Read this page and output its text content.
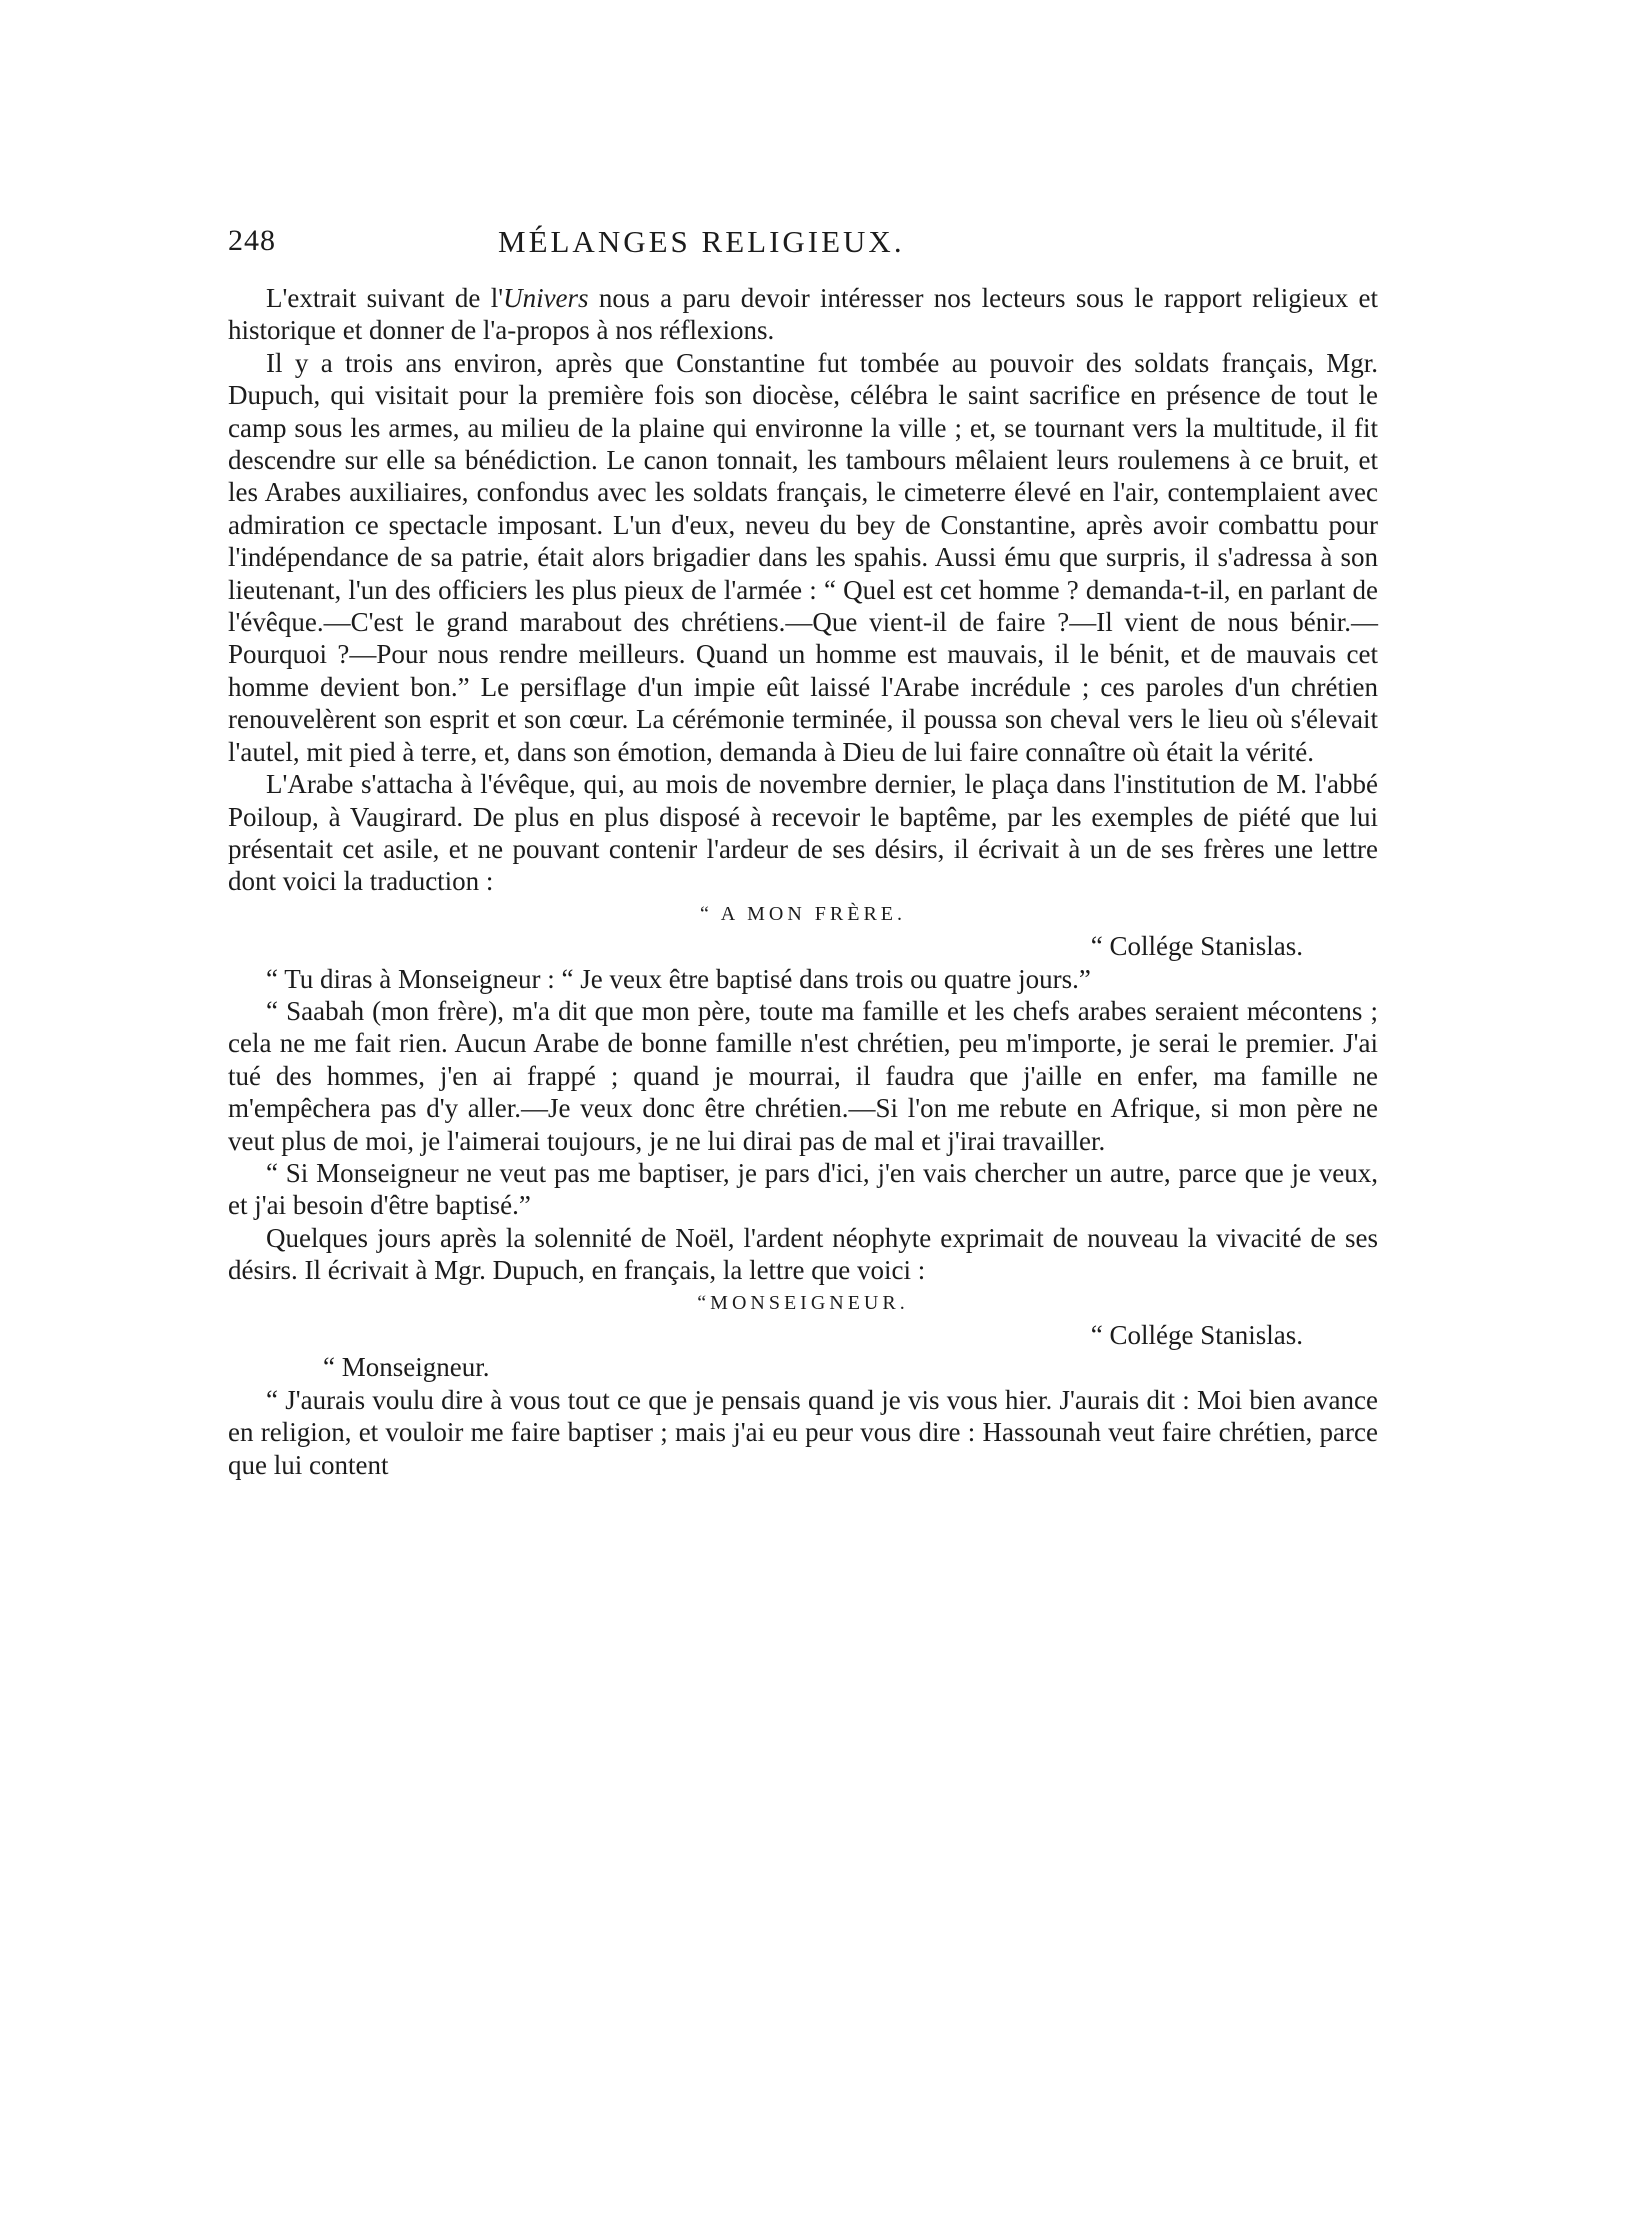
248	MÉLANGES RELIGIEUX.

L'extrait suivant de l'Univers nous a paru devoir intéresser nos lecteurs sous le rapport religieux et historique et donner de l'a-propos à nos réflexions.

Il y a trois ans environ, après que Constantine fut tombée au pouvoir des soldats français, Mgr. Dupuch, qui visitait pour la première fois son diocèse, célébra le saint sacrifice en présence de tout le camp sous les armes, au milieu de la plaine qui environne la ville ; et, se tournant vers la multitude, il fit descendre sur elle sa bénédiction. Le canon tonnait, les tambours mêlaient leurs roulemens à ce bruit, et les Arabes auxiliaires, confondus avec les soldats français, le cimeterre élevé en l'air, contemplaient avec admiration ce spectacle imposant. L'un d'eux, neveu du bey de Constantine, après avoir combattu pour l'indépendance de sa patrie, était alors brigadier dans les spahis. Aussi ému que surpris, il s'adressa à son lieutenant, l'un des officiers les plus pieux de l'armée : “ Quel est cet homme ? demanda-t-il, en parlant de l'évêque.—C'est le grand marabout des chrétiens.—Que vient-il de faire ?—Il vient de nous bénir.—Pourquoi ?—Pour nous rendre meilleurs. Quand un homme est mauvais, il le bénit, et de mauvais cet homme devient bon.” Le persiflage d'un impie eût laissé l'Arabe incrédule ; ces paroles d'un chrétien renouvelèrent son esprit et son cœur. La cérémonie terminée, il poussa son cheval vers le lieu où s'élevait l'autel, mit pied à terre, et, dans son émotion, demanda à Dieu de lui faire connaître où était la vérité.

L'Arabe s'attacha à l'évêque, qui, au mois de novembre dernier, le plaça dans l'institution de M. l'abbé Poiloup, à Vaugirard. De plus en plus disposé à recevoir le baptême, par les exemples de piété que lui présentait cet asile, et ne pouvant contenir l'ardeur de ses désirs, il écrivait à un de ses frères une lettre dont voici la traduction :

“ A MON FRÈRE.

“ Collége Stanislas.

“ Tu diras à Monseigneur : “ Je veux être baptisé dans trois ou quatre jours.”

“ Saabah (mon frère), m'a dit que mon père, toute ma famille et les chefs arabes seraient mécontens ; cela ne me fait rien. Aucun Arabe de bonne famille n'est chrétien, peu m'importe, je serai le premier. J'ai tué des hommes, j'en ai frappé ; quand je mourrai, il faudra que j'aille en enfer, ma famille ne m'empêchera pas d'y aller.—Je veux donc être chrétien.—Si l'on me rebute en Afrique, si mon père ne veut plus de moi, je l'aimerai toujours, je ne lui dirai pas de mal et j'irai travailler.

“ Si Monseigneur ne veut pas me baptiser, je pars d'ici, j'en vais chercher un autre, parce que je veux, et j'ai besoin d'être baptisé.”

Quelques jours après la solennité de Noël, l'ardent néophyte exprimait de nouveau la vivacité de ses désirs. Il écrivait à Mgr. Dupuch, en français, la lettre que voici :

“MONSEIGNEUR.

“ Collége Stanislas.

“ Monseigneur.

“ J'aurais voulu dire à vous tout ce que je pensais quand je vis vous hier. J'aurais dit : Moi bien avance en religion, et vouloir me faire baptiser ; mais j'ai eu peur vous dire : Hassounah veut faire chrétien, parce que lui content
